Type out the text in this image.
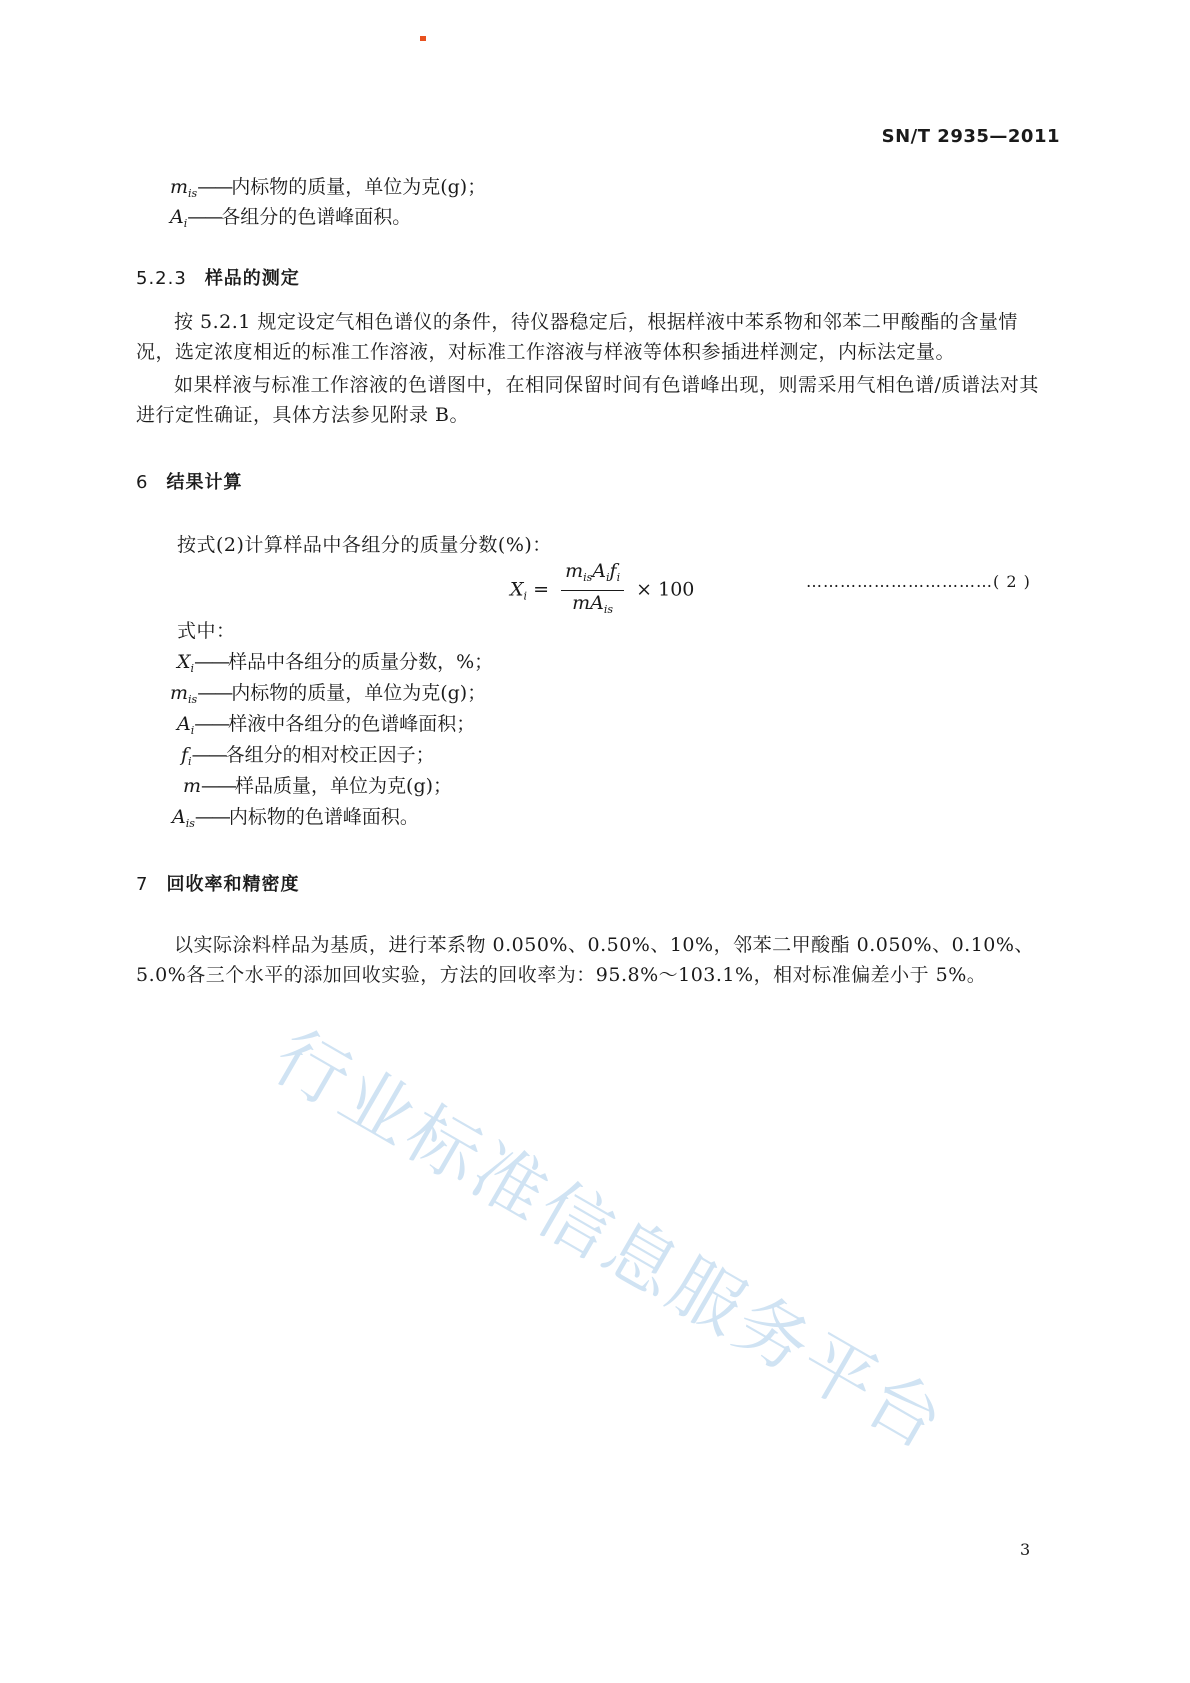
SN/T 2935—2011
$m_{is}——$内标物的质量，单位为克(g)；
$A_i——$各组分的色谱峰面积。
5.2.3 样品的测定
按 5.2.1 规定设定气相色谱仪的条件，待仪器稳定后，根据样液中苯系物和邻苯二甲酸酯的含量情况，选定浓度相近的标准工作溶液，对标准工作溶液与样液等体积参插进样测定，内标法定量。
如果样液与标准工作溶液的色谱图中，在相同保留时间有色谱峰出现，则需采用气相色谱/质谱法对其进行定性确证，具体方法参见附录 B。
6 结果计算
按式(2)计算样品中各组分的质量分数(%)：
$X_i = \frac{m_{is}A_if_i}{mA_{is}} \times 100$	……………………………( 2 )
式中：
$X_i——$样品中各组分的质量分数，%；
$m_{is}——$内标物的质量，单位为克(g)；
$A_i——$样液中各组分的色谱峰面积；
$f_i——$各组分的相对校正因子；
m——样品质量，单位为克(g)；
$A_{is}——$内标物的色谱峰面积。
7 回收率和精密度
以实际涂料样品为基质，进行苯系物 0.050%、0.50%、10%，邻苯二甲酸酯 0.050%、0.10%、5.0%各三个水平的添加回收实验，方法的回收率为：95.8%～103.1%，相对标准偏差小于 5%。
行业标准信息服务平台
3
